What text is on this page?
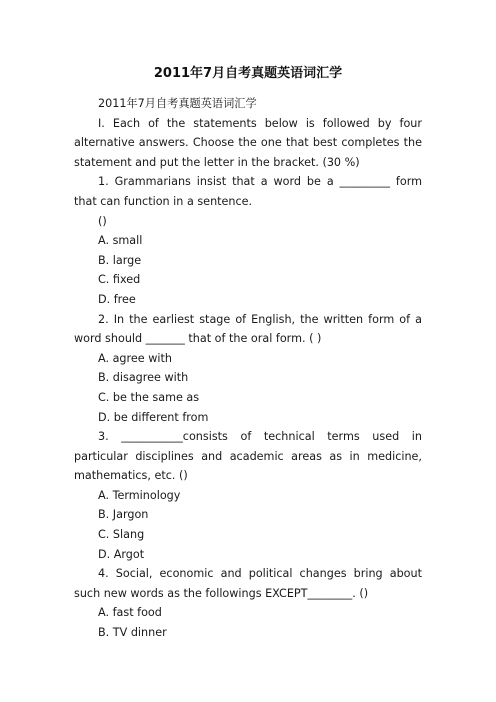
2011年7月自考真题英语词汇学

2011年7月自考真题英语词汇学

I. Each of the statements below is followed by four alternative answers. Choose the one that best completes the statement and put the letter in the bracket. (30 %)

1. Grammarians insist that a word be a _________ form that can function in a sentence.

()

A. small

B. large

C. fixed

D. free

2. In the earliest stage of English, the written form of a word should _______ that of the oral form. ( )

A. agree with

B. disagree with

C. be the same as

D. be different from

3. ___________consists of technical terms used in particular disciplines and academic areas as in medicine, mathematics, etc. ()

A. Terminology

B. Jargon

C. Slang

D. Argot

4. Social, economic and political changes bring about such new words as the followings EXCEPT________. ()

A. fast food

B. TV dinner
